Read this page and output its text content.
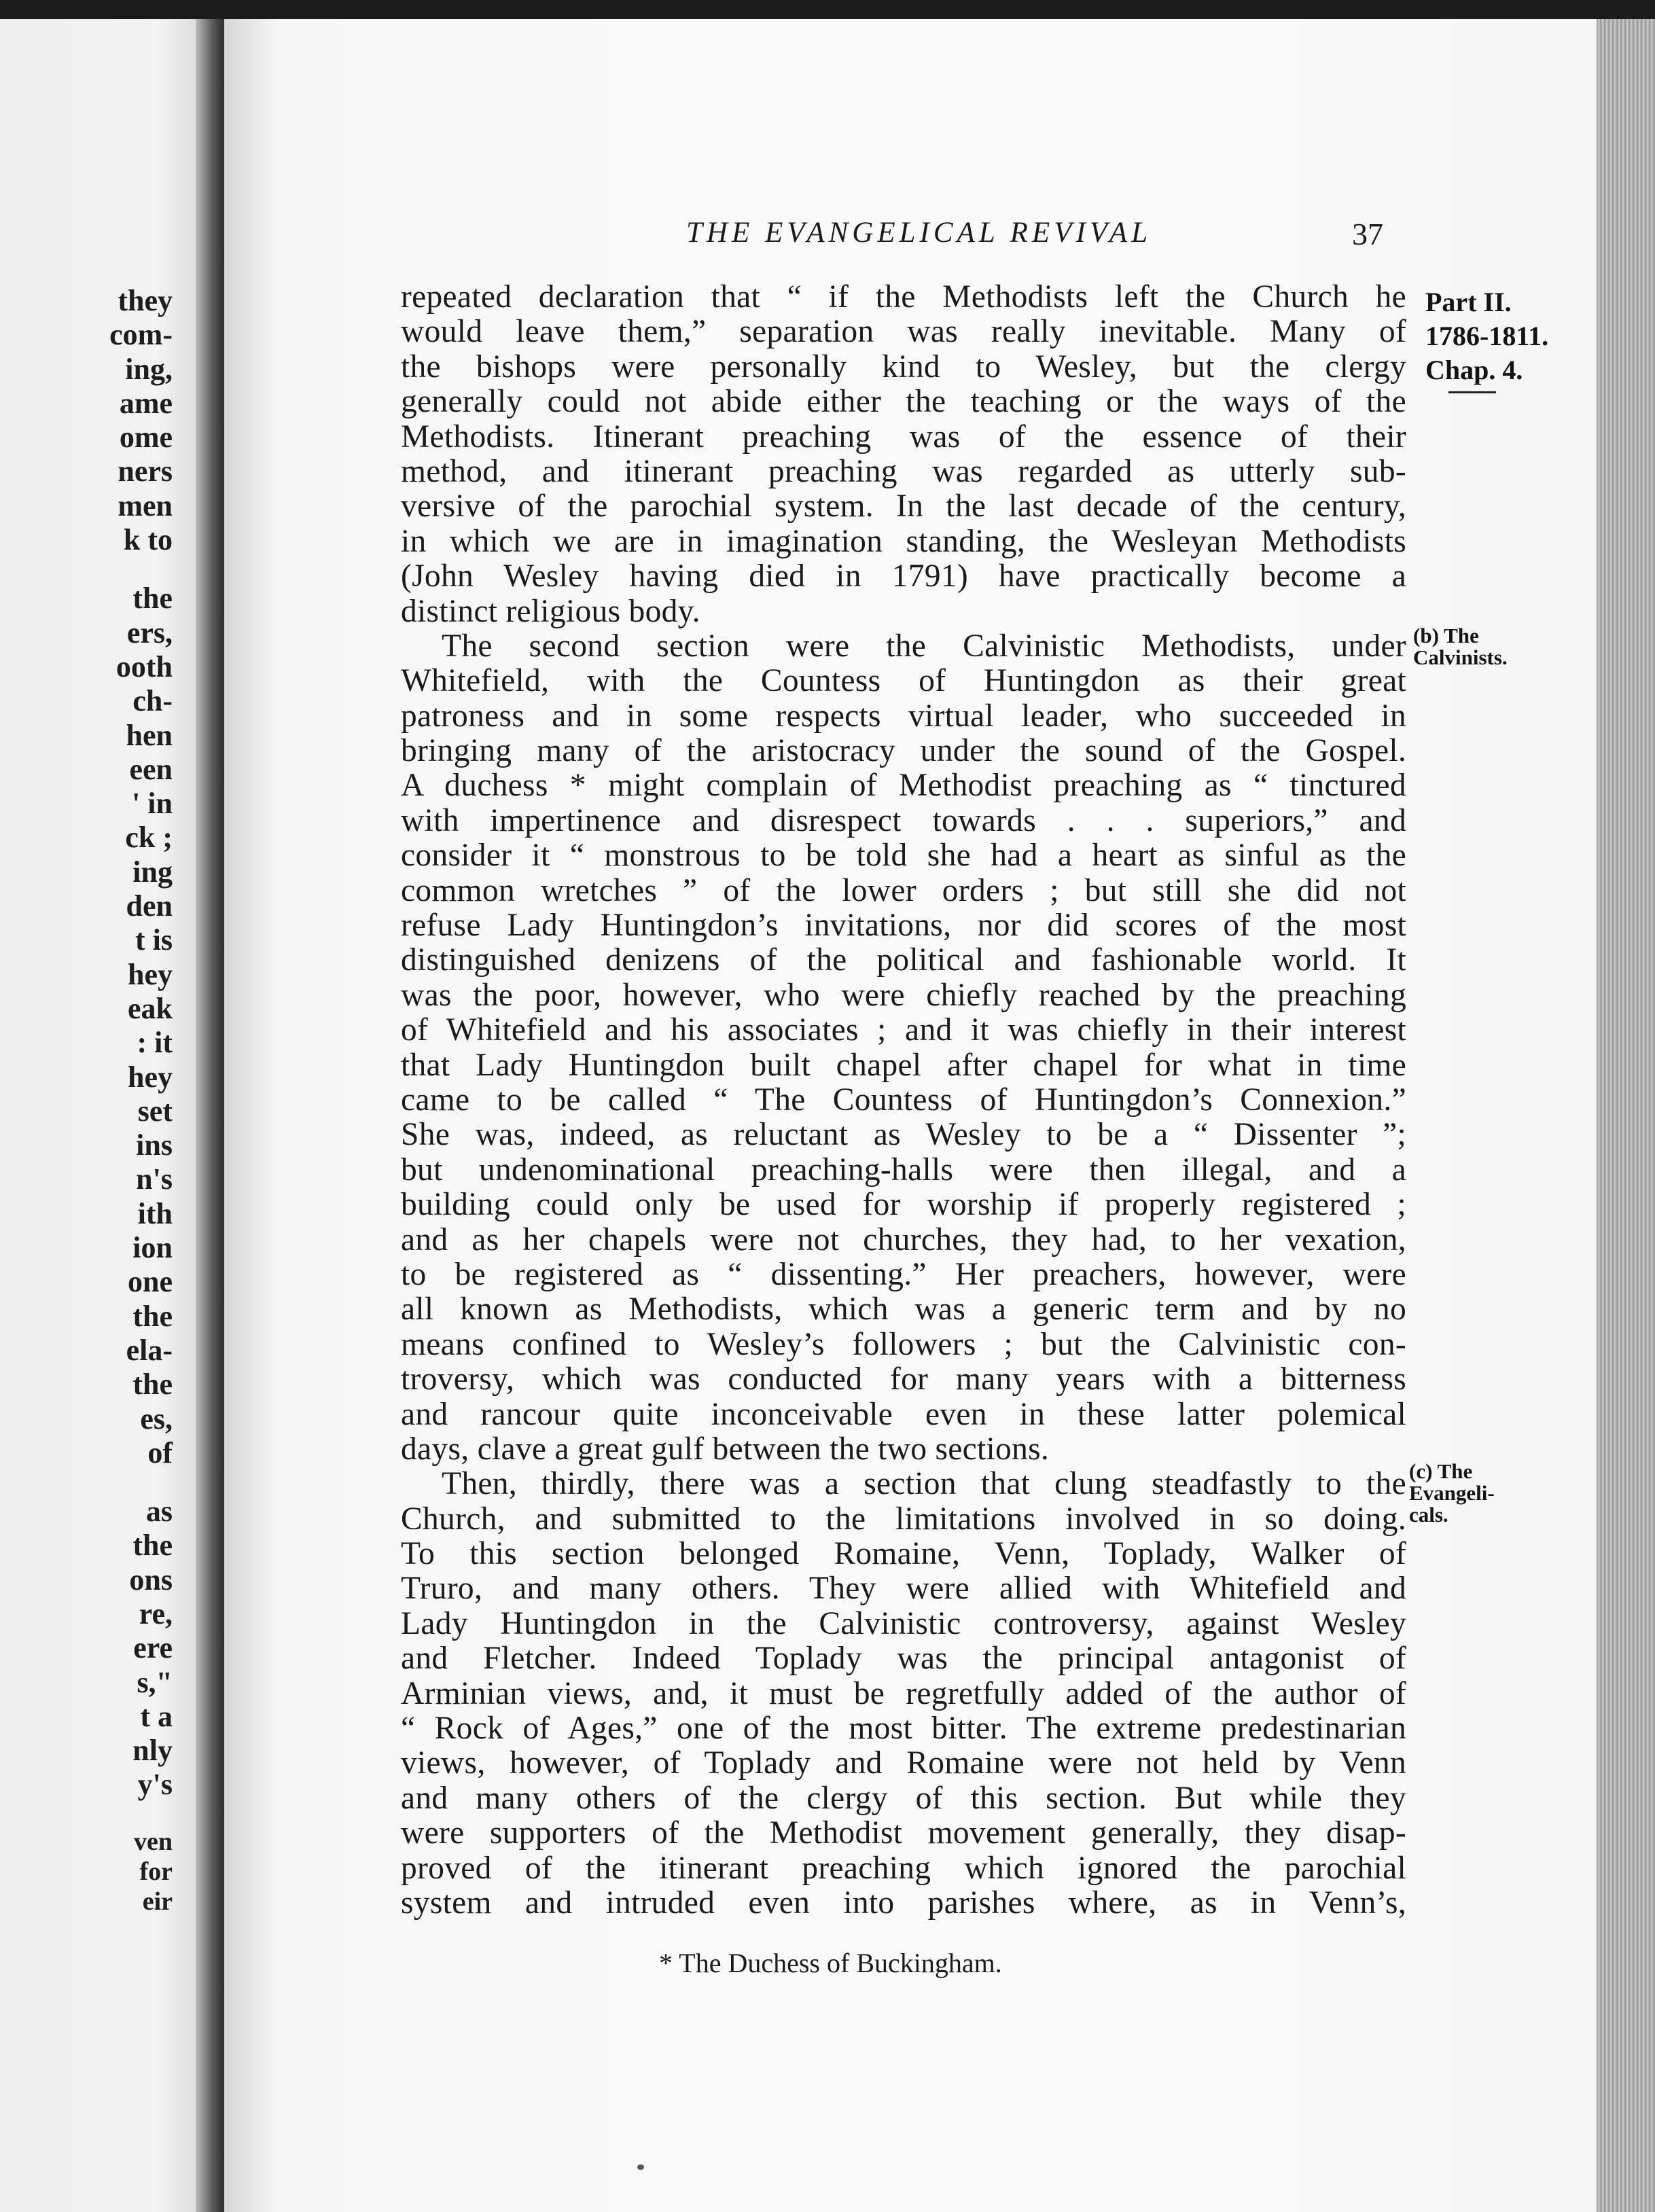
they
com-
ing,
ame
ome
ners
men
k to
the
ers,
ooth
ch-
hen
een
' in
ck ;
ing
den
t is
hey
eak
: it
hey
set
ins
n's
ith
ion
one
the
ela-
the
es,
of
as
the
ons
re,
ere
s,"
t a
nly
y's
ven
for
eir
THE EVANGELICAL REVIVAL	37
Part II.
1786-1811.
Chap. 4.
(b) The
Calvinists.
(c) The
Evangeli-
cals.
repeated declaration that “ if the Methodists left the Church he
would leave them,” separation was really inevitable. Many of
the bishops were personally kind to Wesley, but the clergy
generally could not abide either the teaching or the ways of the
Methodists. Itinerant preaching was of the essence of their
method, and itinerant preaching was regarded as utterly sub-
versive of the parochial system. In the last decade of the century,
in which we are in imagination standing, the Wesleyan Methodists
(John Wesley having died in 1791) have practically become a
distinct religious body.
The second section were the Calvinistic Methodists, under
Whitefield, with the Countess of Huntingdon as their great
patroness and in some respects virtual leader, who succeeded in
bringing many of the aristocracy under the sound of the Gospel.
A duchess * might complain of Methodist preaching as “ tinctured
with impertinence and disrespect towards . . . superiors,” and
consider it “ monstrous to be told she had a heart as sinful as the
common wretches ” of the lower orders ; but still she did not
refuse Lady Huntingdon’s invitations, nor did scores of the most
distinguished denizens of the political and fashionable world. It
was the poor, however, who were chiefly reached by the preaching
of Whitefield and his associates ; and it was chiefly in their interest
that Lady Huntingdon built chapel after chapel for what in time
came to be called “ The Countess of Huntingdon’s Connexion.”
She was, indeed, as reluctant as Wesley to be a “ Dissenter ”;
but undenominational preaching-halls were then illegal, and a
building could only be used for worship if properly registered ;
and as her chapels were not churches, they had, to her vexation,
to be registered as “ dissenting.” Her preachers, however, were
all known as Methodists, which was a generic term and by no
means confined to Wesley’s followers ; but the Calvinistic con-
troversy, which was conducted for many years with a bitterness
and rancour quite inconceivable even in these latter polemical
days, clave a great gulf between the two sections.
Then, thirdly, there was a section that clung steadfastly to the
Church, and submitted to the limitations involved in so doing.
To this section belonged Romaine, Venn, Toplady, Walker of
Truro, and many others. They were allied with Whitefield and
Lady Huntingdon in the Calvinistic controversy, against Wesley
and Fletcher. Indeed Toplady was the principal antagonist of
Arminian views, and, it must be regretfully added of the author of
“ Rock of Ages,” one of the most bitter. The extreme predestinarian
views, however, of Toplady and Romaine were not held by Venn
and many others of the clergy of this section. But while they
were supporters of the Methodist movement generally, they disap-
proved of the itinerant preaching which ignored the parochial
system and intruded even into parishes where, as in Venn’s,
* The Duchess of Buckingham.
